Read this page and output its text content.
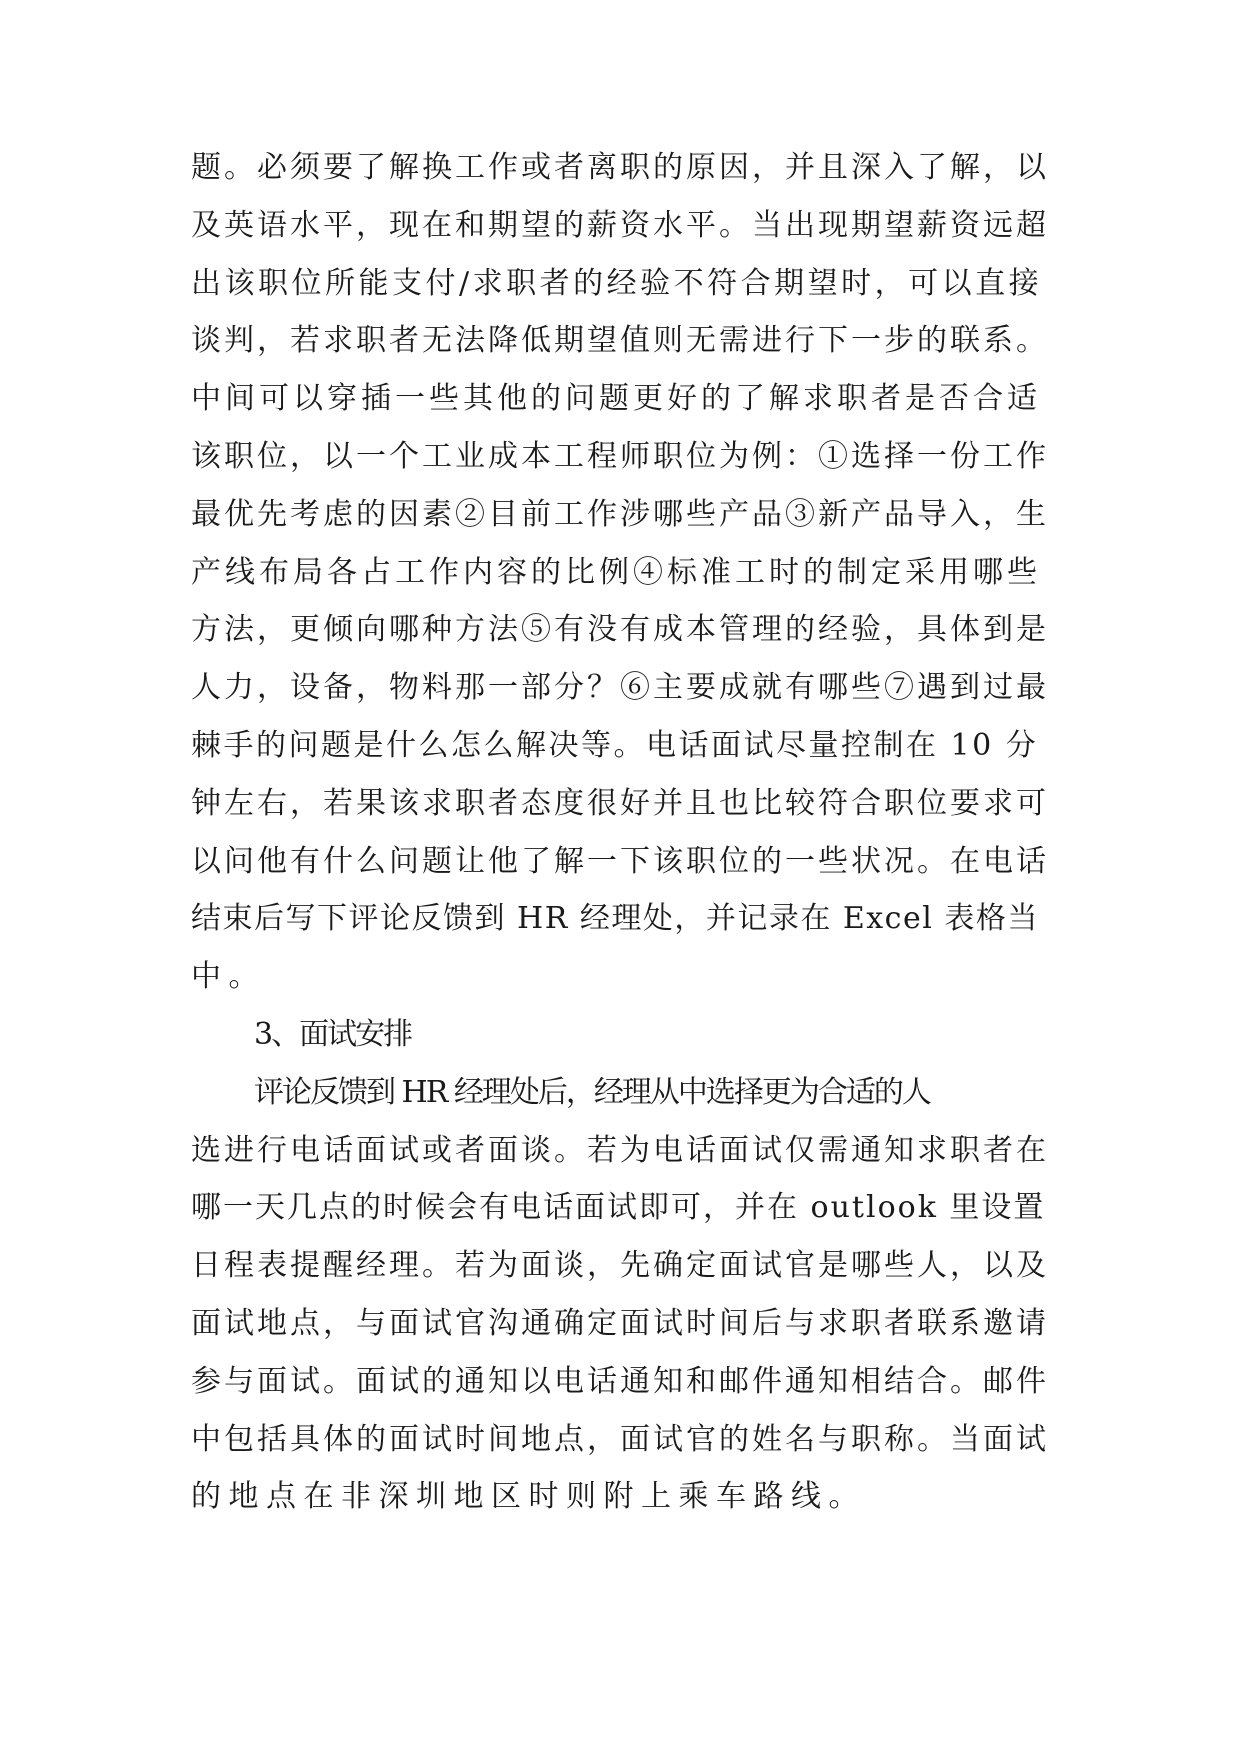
题。必须要了解换工作或者离职的原因，并且深入了解，以
及英语水平，现在和期望的薪资水平。当出现期望薪资远超
出该职位所能支付/求职者的经验不符合期望时，可以直接
谈判，若求职者无法降低期望值则无需进行下一步的联系。
中间可以穿插一些其他的问题更好的了解求职者是否合适
该职位，以一个工业成本工程师职位为例：①选择一份工作
最优先考虑的因素②目前工作涉哪些产品③新产品导入，生
产线布局各占工作内容的比例④标准工时的制定采用哪些
方法，更倾向哪种方法⑤有没有成本管理的经验，具体到是
人力，设备，物料那一部分？⑥主要成就有哪些⑦遇到过最
棘手的问题是什么怎么解决等。电话面试尽量控制在 10 分
钟左右，若果该求职者态度很好并且也比较符合职位要求可
以问他有什么问题让他了解一下该职位的一些状况。在电话
结束后写下评论反馈到 HR 经理处，并记录在 Excel 表格当
中。
3、面试安排
评论反馈到 HR 经理处后，经理从中选择更为合适的人
选进行电话面试或者面谈。若为电话面试仅需通知求职者在
哪一天几点的时候会有电话面试即可，并在 outlook 里设置
日程表提醒经理。若为面谈，先确定面试官是哪些人，以及
面试地点，与面试官沟通确定面试时间后与求职者联系邀请
参与面试。面试的通知以电话通知和邮件通知相结合。邮件
中包括具体的面试时间地点，面试官的姓名与职称。当面试
的地点在非深圳地区时则附上乘车路线。
